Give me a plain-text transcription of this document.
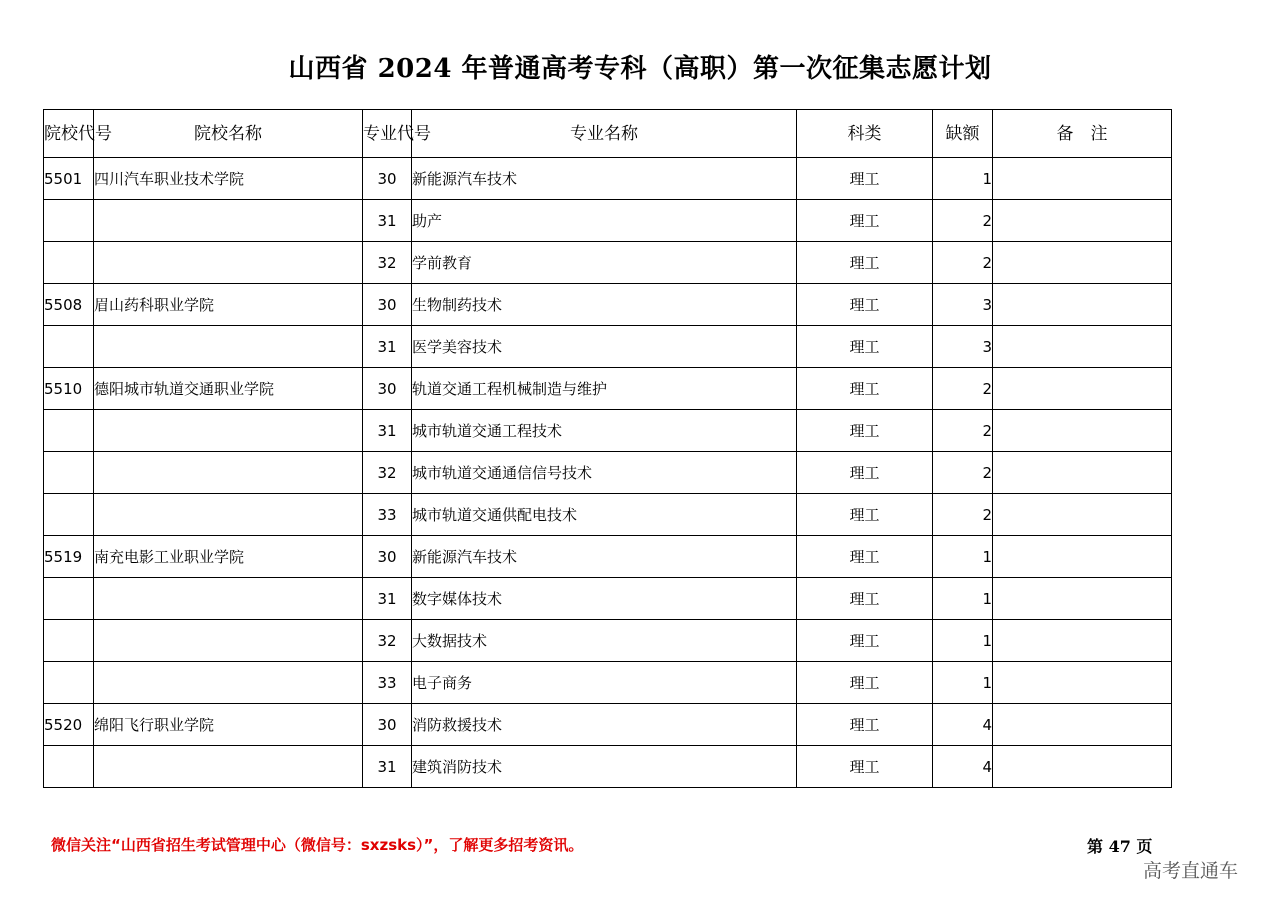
山西省 2024 年普通高考专科（高职）第一次征集志愿计划
院校代号	院校名称	专业代号	专业名称	科类	缺额	备　注
5501	四川汽车职业技术学院	30	新能源汽车技术	理工	1	
		31	助产	理工	2	
		32	学前教育	理工	2	
5508	眉山药科职业学院	30	生物制药技术	理工	3	
		31	医学美容技术	理工	3	
5510	德阳城市轨道交通职业学院	30	轨道交通工程机械制造与维护	理工	2	
		31	城市轨道交通工程技术	理工	2	
		32	城市轨道交通通信信号技术	理工	2	
		33	城市轨道交通供配电技术	理工	2	
5519	南充电影工业职业学院	30	新能源汽车技术	理工	1	
		31	数字媒体技术	理工	1	
		32	大数据技术	理工	1	
		33	电子商务	理工	1	
5520	绵阳飞行职业学院	30	消防救援技术	理工	4	
		31	建筑消防技术	理工	4	
微信关注“山西省招生考试管理中心（微信号：sxzsks）”，了解更多招考资讯。	第 47 页
高考直通车
